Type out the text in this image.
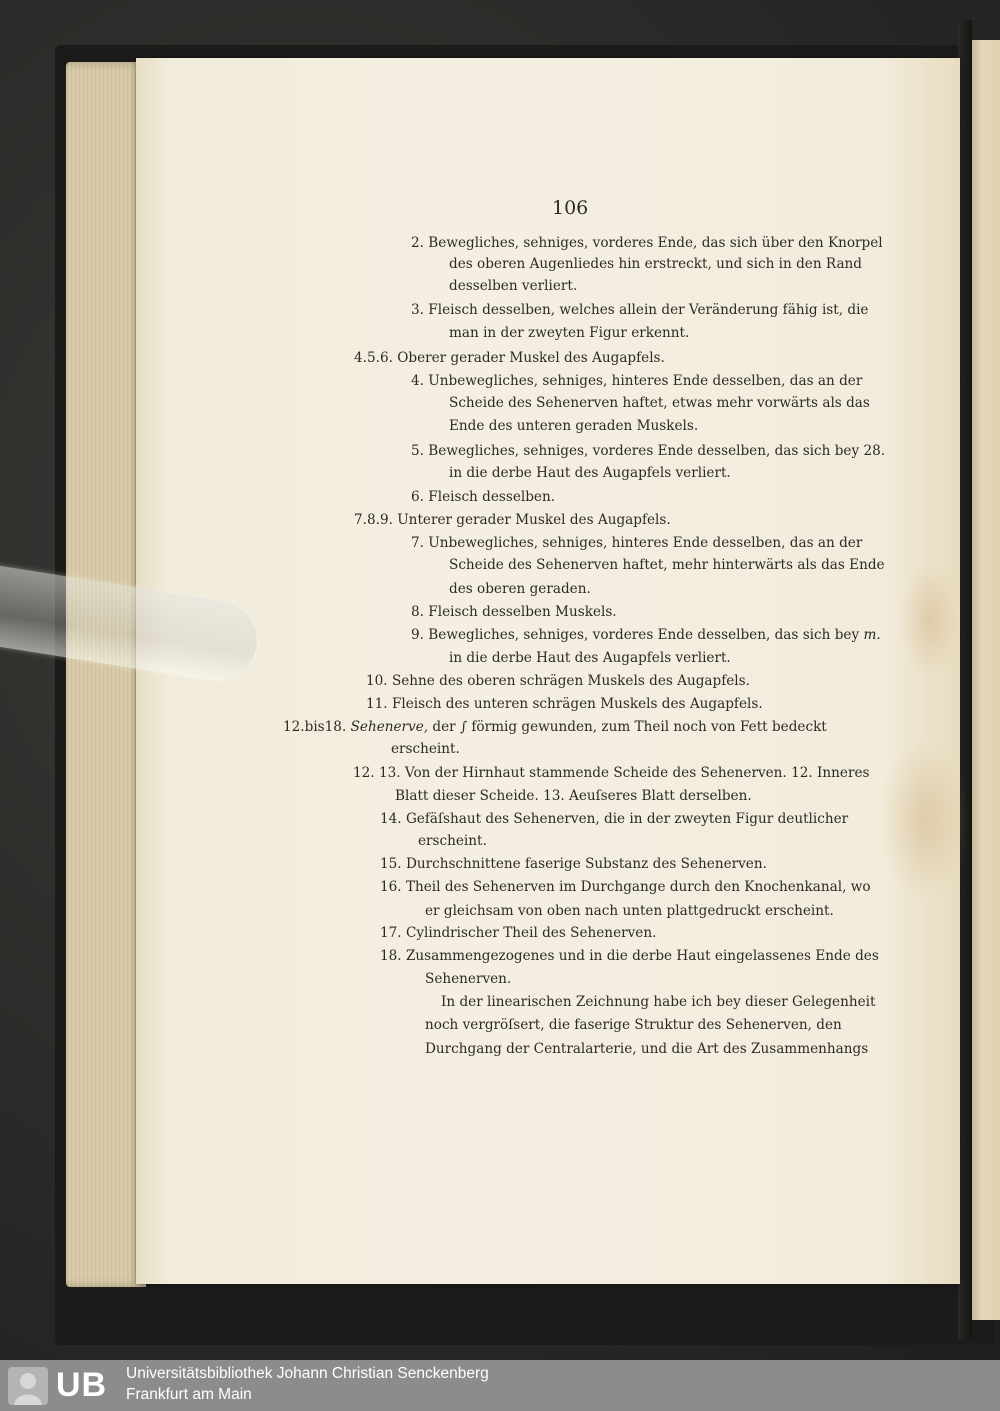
106
2. Bewegliches, sehniges, vorderes Ende, das sich über den Knorpel
des oberen Augenliedes hin erstreckt, und sich in den Rand
desselben verliert.
3. Fleisch desselben, welches allein der Veränderung fähig ist, die
man in der zweyten Figur erkennt.
4.5.6. Oberer gerader Muskel des Augapfels.
4. Unbewegliches, sehniges, hinteres Ende desselben, das an der
Scheide des Sehenerven haftet, etwas mehr vorwärts als das
Ende des unteren geraden Muskels.
5. Bewegliches, sehniges, vorderes Ende desselben, das sich bey 28.
in die derbe Haut des Augapfels verliert.
6. Fleisch desselben.
7.8.9. Unterer gerader Muskel des Augapfels.
7. Unbewegliches, sehniges, hinteres Ende desselben, das an der
Scheide des Sehenerven haftet, mehr hinterwärts als das Ende
des oberen geraden.
8. Fleisch desselben Muskels.
9. Bewegliches, sehniges, vorderes Ende desselben, das sich bey m.
in die derbe Haut des Augapfels verliert.
10. Sehne des oberen schrägen Muskels des Augapfels.
11. Fleisch des unteren schrägen Muskels des Augapfels.
12.bis18. Sehenerve, der ∫ förmig gewunden, zum Theil noch von Fett bedeckt
erscheint.
12. 13. Von der Hirnhaut stammende Scheide des Sehenerven. 12. Inneres
Blatt dieser Scheide. 13. Aeuſseres Blatt derselben.
14. Gefäſshaut des Sehenerven, die in der zweyten Figur deutlicher
erscheint.
15. Durchschnittene faserige Substanz des Sehenerven.
16. Theil des Sehenerven im Durchgange durch den Knochenkanal, wo
er gleichsam von oben nach unten plattgedruckt erscheint.
17. Cylindrischer Theil des Sehenerven.
18. Zusammengezogenes und in die derbe Haut eingelassenes Ende des
Sehenerven.
In der linearischen Zeichnung habe ich bey dieser Gelegenheit
noch vergröſsert, die faserige Struktur des Sehenerven, den
Durchgang der Centralarterie, und die Art des Zusammenhangs
UB Universitätsbibliothek Johann Christian Senckenberg
Frankfurt am Main
